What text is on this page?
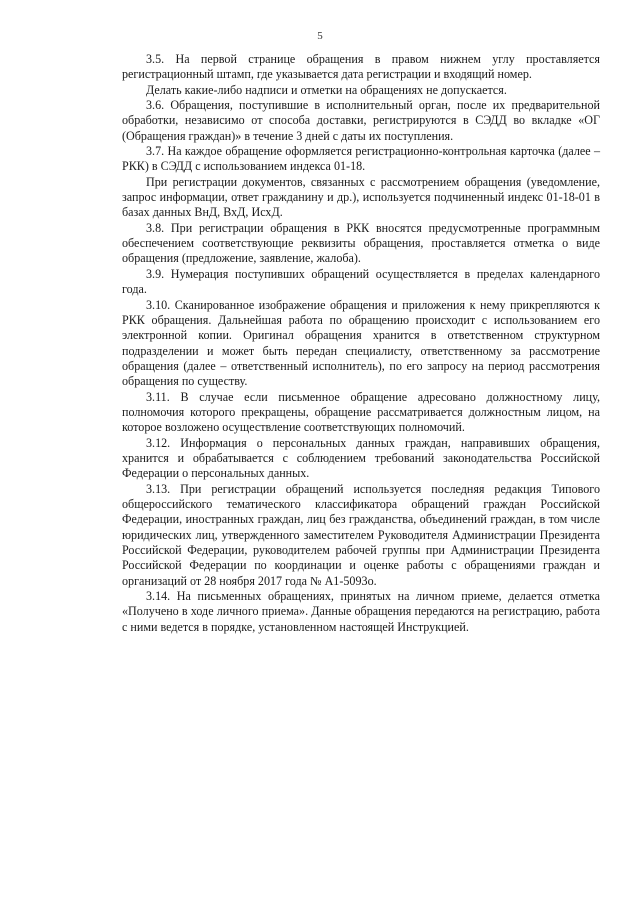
5

3.5. На первой странице обращения в правом нижнем углу проставляется регистрационный штамп, где указывается дата регистрации и входящий номер.

Делать какие-либо надписи и отметки на обращениях не допускается.

3.6. Обращения, поступившие в исполнительный орган, после их предварительной обработки, независимо от способа доставки, регистрируются в СЭДД во вкладке «ОГ (Обращения граждан)» в течение 3 дней с даты их поступления.

3.7. На каждое обращение оформляется регистрационно-контрольная карточка (далее – РКК) в СЭДД с использованием индекса 01-18.

При регистрации документов, связанных с рассмотрением обращения (уведомление, запрос информации, ответ гражданину и др.), используется подчиненный индекс 01-18-01 в базах данных ВнД, ВхД, ИсхД.

3.8. При регистрации обращения в РКК вносятся предусмотренные программным обеспечением соответствующие реквизиты обращения, проставляется отметка о виде обращения (предложение, заявление, жалоба).

3.9. Нумерация поступивших обращений осуществляется в пределах календарного года.

3.10. Сканированное изображение обращения и приложения к нему прикрепляются к РКК обращения. Дальнейшая работа по обращению происходит с использованием его электронной копии. Оригинал обращения хранится в ответственном структурном подразделении и может быть передан специалисту, ответственному за рассмотрение обращения (далее – ответственный исполнитель), по его запросу на период рассмотрения обращения по существу.

3.11. В случае если письменное обращение адресовано должностному лицу, полномочия которого прекращены, обращение рассматривается должностным лицом, на которое возложено осуществление соответствующих полномочий.

3.12. Информация о персональных данных граждан, направивших обращения, хранится и обрабатывается с соблюдением требований законодательства Российской Федерации о персональных данных.

3.13. При регистрации обращений используется последняя редакция Типового общероссийского тематического классификатора обращений граждан Российской Федерации, иностранных граждан, лиц без гражданства, объединений граждан, в том числе юридических лиц, утвержденного заместителем Руководителя Администрации Президента Российской Федерации, руководителем рабочей группы при Администрации Президента Российской Федерации по координации и оценке работы с обращениями граждан и организаций от 28 ноября 2017 года № А1-5093о.

3.14. На письменных обращениях, принятых на личном приеме, делается отметка «Получено в ходе личного приема». Данные обращения передаются на регистрацию, работа с ними ведется в порядке, установленном настоящей Инструкцией.
